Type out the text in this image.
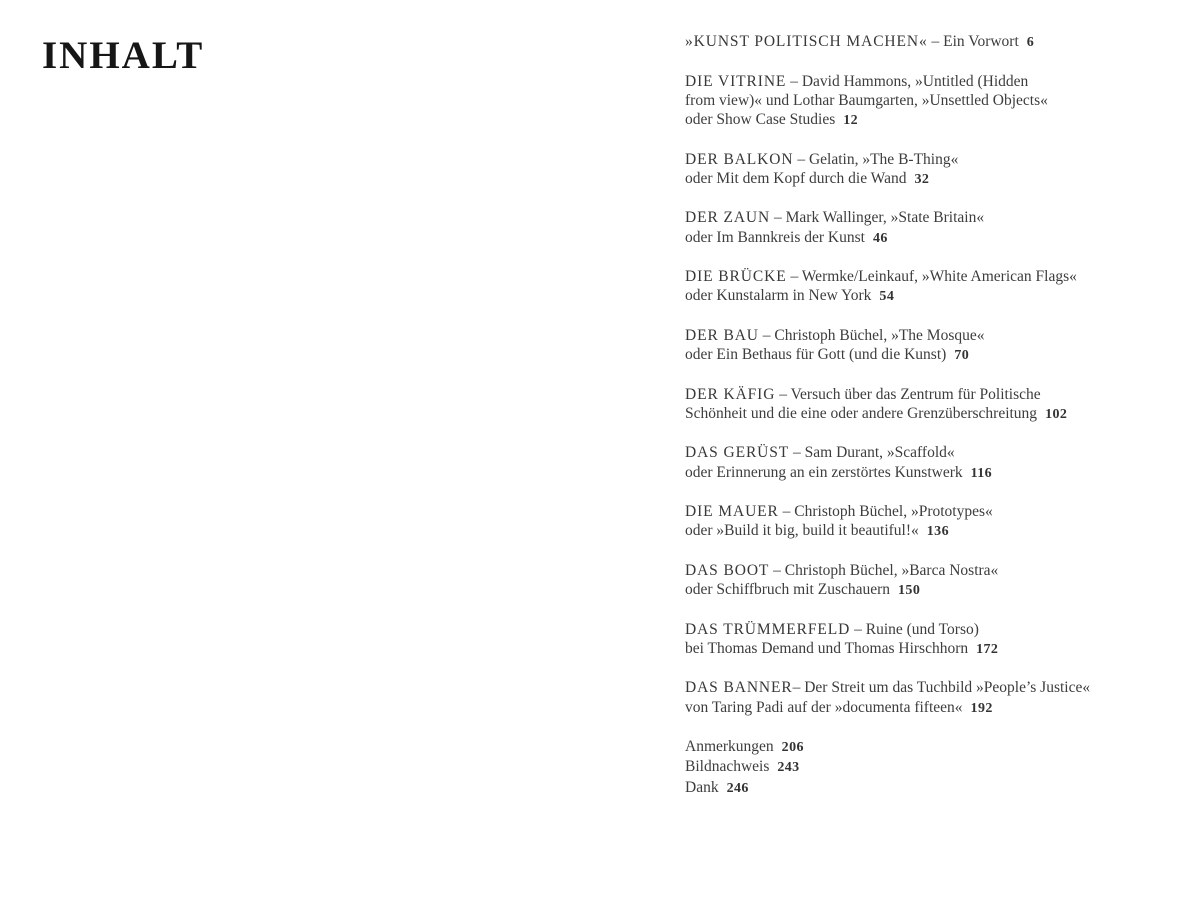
INHALT	»KUNST POLITISCH MACHEN« – Ein Vorwort 6
DIE VITRINE – David Hammons, »Untitled (Hidden
from view)« und Lothar Baumgarten, »Unsettled Objects«
oder Show Case Studies 12
DER BALKON – Gelatin, »The B-Thing«
oder Mit dem Kopf durch die Wand 32
DER ZAUN – Mark Wallinger, »State Britain«
oder Im Bannkreis der Kunst 46
DIE BRÜCKE – Wermke/Leinkauf, »White American Flags«
oder Kunstalarm in New York 54
DER BAU – Christoph Büchel, »The Mosque«
oder Ein Bethaus für Gott (und die Kunst) 70
DER KÄFIG – Versuch über das Zentrum für Politische
Schönheit und die eine oder andere Grenzüberschreitung 102
DAS GERÜST – Sam Durant, »Scaffold«
oder Erinnerung an ein zerstörtes Kunstwerk 116
DIE MAUER – Christoph Büchel, »Prototypes«
oder »Build it big, build it beautiful!« 136
DAS BOOT – Christoph Büchel, »Barca Nostra«
oder Schiffbruch mit Zuschauern 150
DAS TRÜMMERFELD – Ruine (und Torso)
bei Thomas Demand und Thomas Hirschhorn 172
DAS BANNER– Der Streit um das Tuchbild »People’s Justice«
von Taring Padi auf der »documenta fifteen« 192
Anmerkungen 206
Bildnachweis 243
Dank 246
